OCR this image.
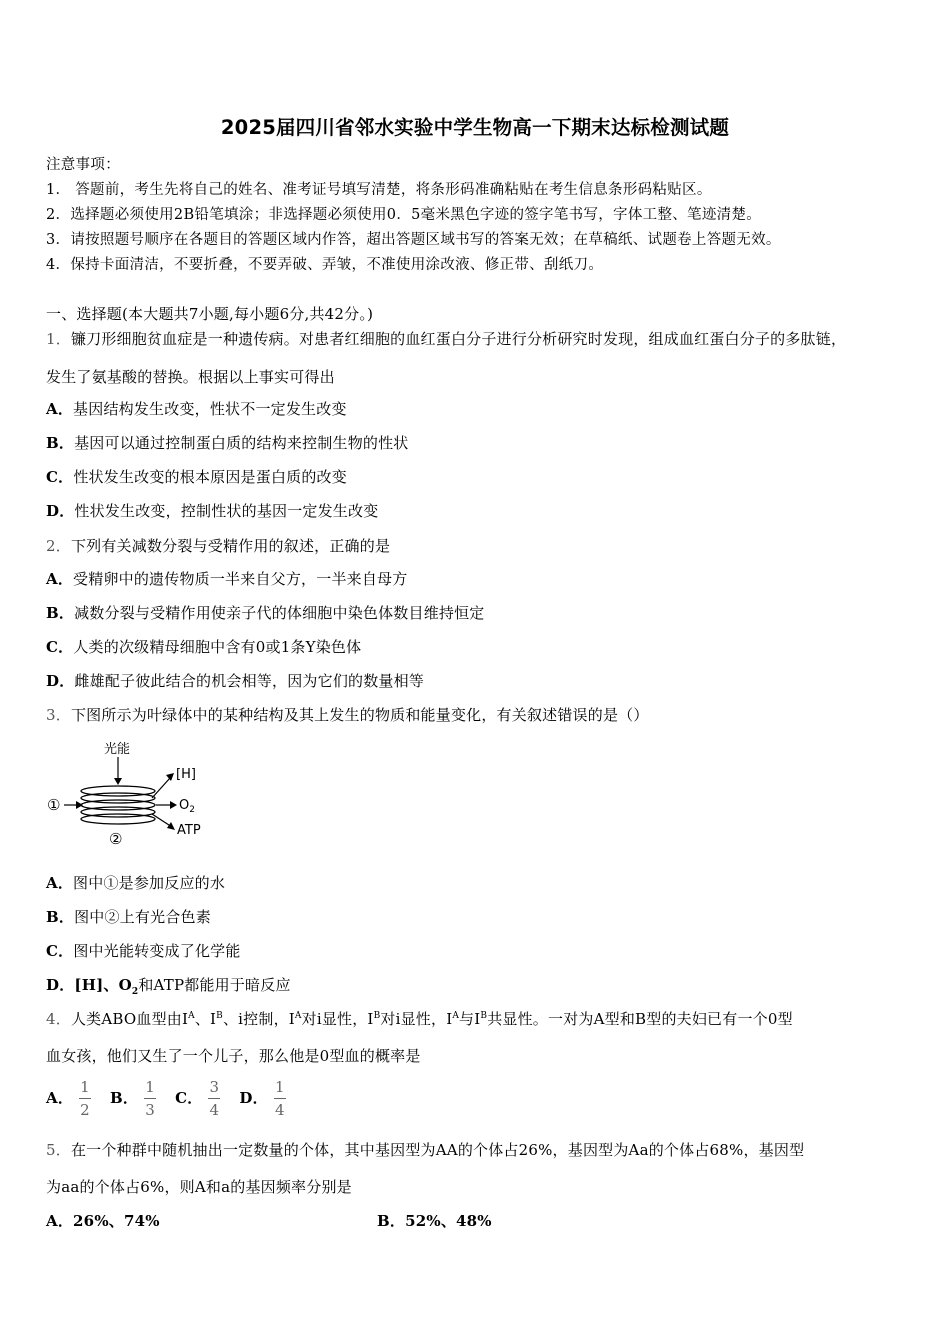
2025届四川省邻水实验中学生物高一下期末达标检测试题
注意事项：
1． 答题前，考生先将自己的姓名、准考证号填写清楚，将条形码准确粘贴在考生信息条形码粘贴区。
2．选择题必须使用2B铅笔填涂；非选择题必须使用0．5毫米黑色字迹的签字笔书写，字体工整、笔迹清楚。
3．请按照题号顺序在各题目的答题区域内作答，超出答题区域书写的答案无效；在草稿纸、试题卷上答题无效。
4．保持卡面清洁，不要折叠，不要弄破、弄皱，不准使用涂改液、修正带、刮纸刀。
一、选择题(本大题共7小题,每小题6分,共42分。)
1．镰刀形细胞贫血症是一种遗传病。对患者红细胞的血红蛋白分子进行分析研究时发现，组成血红蛋白分子的多肽链，
发生了氨基酸的替换。根据以上事实可得出
A．基因结构发生改变，性状不一定发生改变
B．基因可以通过控制蛋白质的结构来控制生物的性状
C．性状发生改变的根本原因是蛋白质的改变
D．性状发生改变，控制性状的基因一定发生改变
2．下列有关减数分裂与受精作用的叙述，正确的是
A．受精卵中的遗传物质一半来自父方，一半来自母方
B．减数分裂与受精作用使亲子代的体细胞中染色体数目维持恒定
C．人类的次级精母细胞中含有0或1条Y染色体
D．雌雄配子彼此结合的机会相等，因为它们的数量相等
3．下图所示为叶绿体中的某种结构及其上发生的物质和能量变化，有关叙述错误的是（）
光能
①
[H]
$O_2$
ATP
②
A．图中①是参加反应的水
B．图中②上有光合色素
C．图中光能转变成了化学能
D．[H]、$O_2$和ATP都能用于暗反应
4．人类ABO血型由$I^A$、$I^B$、i控制，$I^A$对i显性，$I^B$对i显性，$I^A$与$I^B$共显性。一对为A型和B型的夫妇已有一个0型
血女孩，他们又生了一个儿子，那么他是0型血的概率是
A． $\frac{1}{2}$ B． $\frac{1}{3}$ C． $\frac{3}{4}$ D． $\frac{1}{4}$
5．在一个种群中随机抽出一定数量的个体，其中基因型为AA的个体占26%，基因型为Aa的个体占68%，基因型
为aa的个体占6%，则A和a的基因频率分别是
A．26%、74%	B．52%、48%
